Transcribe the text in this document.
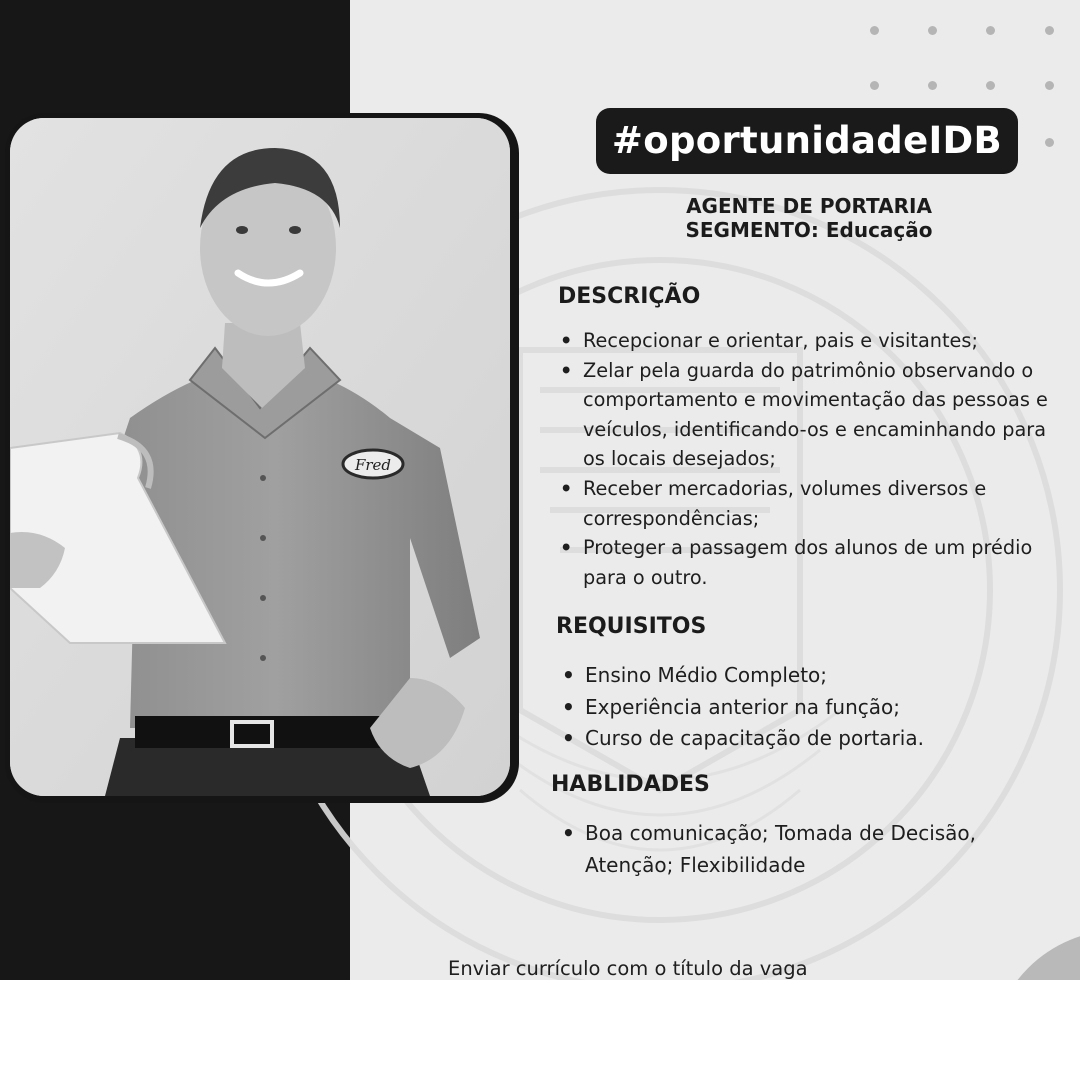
Fred
#oportunidadeIDB
AGENTE DE PORTARIA
SEGMENTO: Educação
DESCRIÇÃO
• Recepcionar e orientar, pais e visitantes;
• Zelar pela guarda do patrimônio observando o comportamento e movimentação das pessoas e veículos, identificando-os e encaminhando para os locais desejados;
• Receber mercadorias, volumes diversos e correspondências;
• Proteger a passagem dos alunos de um prédio para o outro.
REQUISITOS
• Ensino Médio Completo;
• Experiência anterior na função;
• Curso de capacitação de portaria.
HABLIDADES
• Boa comunicação; Tomada de Decisão, Atenção; Flexibilidade
Enviar currículo com o título da vaga
